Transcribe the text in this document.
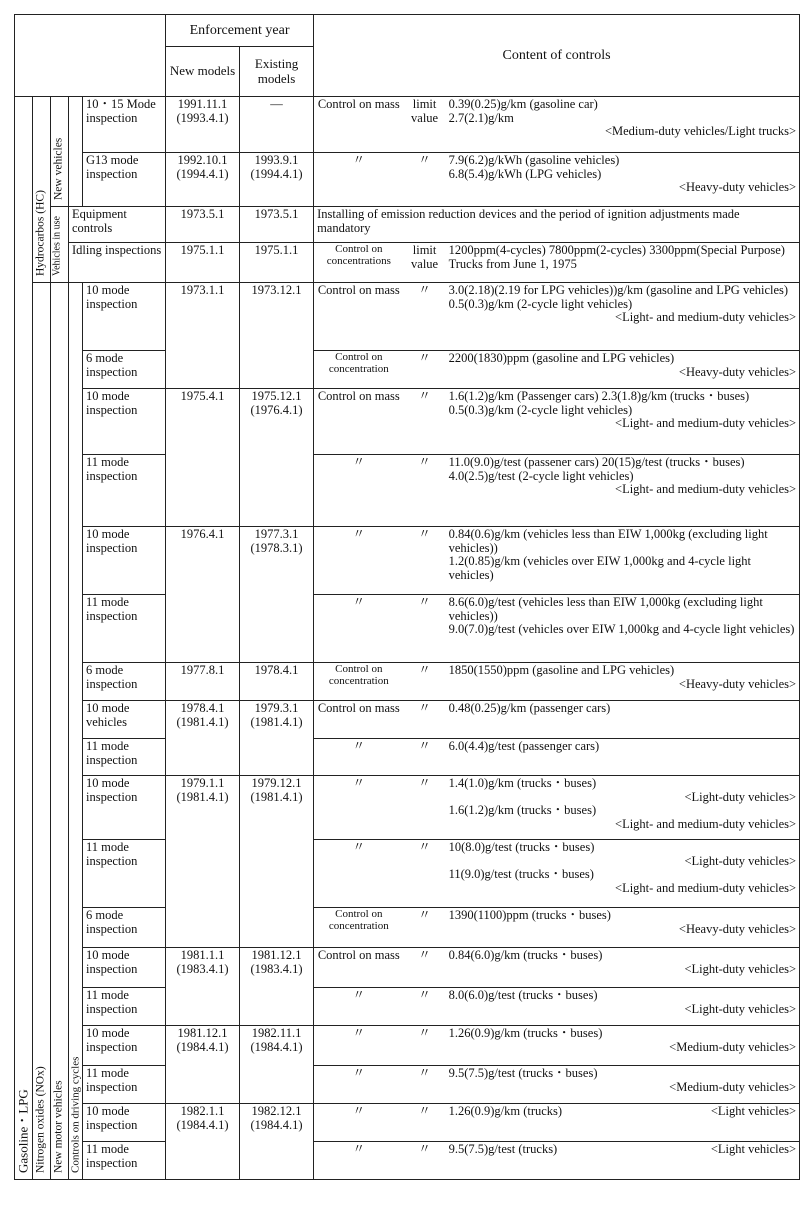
					Enforcement year		Content of controls		
					New models	Existing models			
Gasoline・LPG	Hydrocarbos (HC)	New vehicles		10・15 Mode inspection	1991.11.1 (1993.4.1)	—	Control on mass	limit value	0.39(0.25)g/km (gasoline car)
2.7(2.1)g/km
<Medium-duty vehicles/Light trucks>

				G13 mode inspection	1992.10.1 (1994.4.1)	1993.9.1 (1994.4.1)	〃	〃	7.9(6.2)g/kWh (gasoline vehicles)
6.8(5.4)g/kWh (LPG vehicles)
<Heavy-duty vehicles>

		Vehicles in use	Equipment controls		1973.5.1	1973.5.1	Installing of emission reduction devices and the period of ignition adjustments made mandatory		
			Idling inspections		1975.1.1	1975.1.1	Control on concentrations	limit value	1200ppm(4-cycles) 7800ppm(2-cycles) 3300ppm(Special Purpose) Trucks from June 1, 1975

	Nitrogen oxides (NOx)	New motor vehicles	Controls on driving cycles	10 mode inspection	1973.1.1	1973.12.1	Control on mass	〃	3.0(2.18)(2.19 for LPG vehicles))g/km (gasoline and LPG vehicles)
0.5(0.3)g/km (2-cycle light vehicles)
<Light- and medium-duty vehicles>

				6 mode inspection			Control on concentration	〃	2200(1830)ppm (gasoline and LPG vehicles)
<Heavy-duty vehicles>

				10 mode inspection	1975.4.1	1975.12.1 (1976.4.1)	Control on mass	〃	1.6(1.2)g/km (Passenger cars) 2.3(1.8)g/km (trucks・buses)
0.5(0.3)g/km (2-cycle light vehicles)
<Light- and medium-duty vehicles>

				11 mode inspection			〃	〃	11.0(9.0)g/test (passener cars) 20(15)g/test (trucks・buses)
4.0(2.5)g/test (2-cycle light vehicles)
<Light- and medium-duty vehicles>

				10 mode inspection	1976.4.1	1977.3.1 (1978.3.1)	〃	〃	0.84(0.6)g/km (vehicles less than EIW 1,000kg (excluding light vehicles))
1.2(0.85)g/km (vehicles over EIW 1,000kg and 4-cycle light vehicles)

				11 mode inspection			〃	〃	8.6(6.0)g/test (vehicles less than EIW 1,000kg (excluding light vehicles))
9.0(7.0)g/test (vehicles over EIW 1,000kg and 4-cycle light vehicles)

				6 mode inspection	1977.8.1	1978.4.1	Control on concentration	〃	1850(1550)ppm (gasoline and LPG vehicles)
<Heavy-duty vehicles>

				10 mode vehicles	1978.4.1 (1981.4.1)	1979.3.1 (1981.4.1)	Control on mass	〃	0.48(0.25)g/km (passenger cars)

				11 mode inspection			〃	〃	6.0(4.4)g/test (passenger cars)

				10 mode inspection	1979.1.1 (1981.4.1)	1979.12.1 (1981.4.1)	〃	〃	1.4(1.0)g/km (trucks・buses)
<Light-duty vehicles>
1.6(1.2)g/km (trucks・buses)
<Light- and medium-duty vehicles>

				11 mode inspection			〃	〃	10(8.0)g/test (trucks・buses)
<Light-duty vehicles>
11(9.0)g/test (trucks・buses)
<Light- and medium-duty vehicles>

				6 mode inspection			Control on concentration	〃	1390(1100)ppm (trucks・buses)
<Heavy-duty vehicles>

				10 mode inspection	1981.1.1 (1983.4.1)	1981.12.1 (1983.4.1)	Control on mass	〃	0.84(6.0)g/km (trucks・buses)
<Light-duty vehicles>

				11 mode inspection			〃	〃	8.0(6.0)g/test (trucks・buses)
<Light-duty vehicles>

				10 mode inspection	1981.12.1 (1984.4.1)	1982.11.1 (1984.4.1)	〃	〃	1.26(0.9)g/km (trucks・buses)
<Medium-duty vehicles>

				11 mode inspection			〃	〃	9.5(7.5)g/test (trucks・buses)
<Medium-duty vehicles>

				10 mode inspection	1982.1.1 (1984.4.1)	1982.12.1 (1984.4.1)	〃	〃	1.26(0.9)g/km (trucks) <Light vehicles>

				11 mode inspection			〃	〃	9.5(7.5)g/test (trucks) <Light vehicles>
